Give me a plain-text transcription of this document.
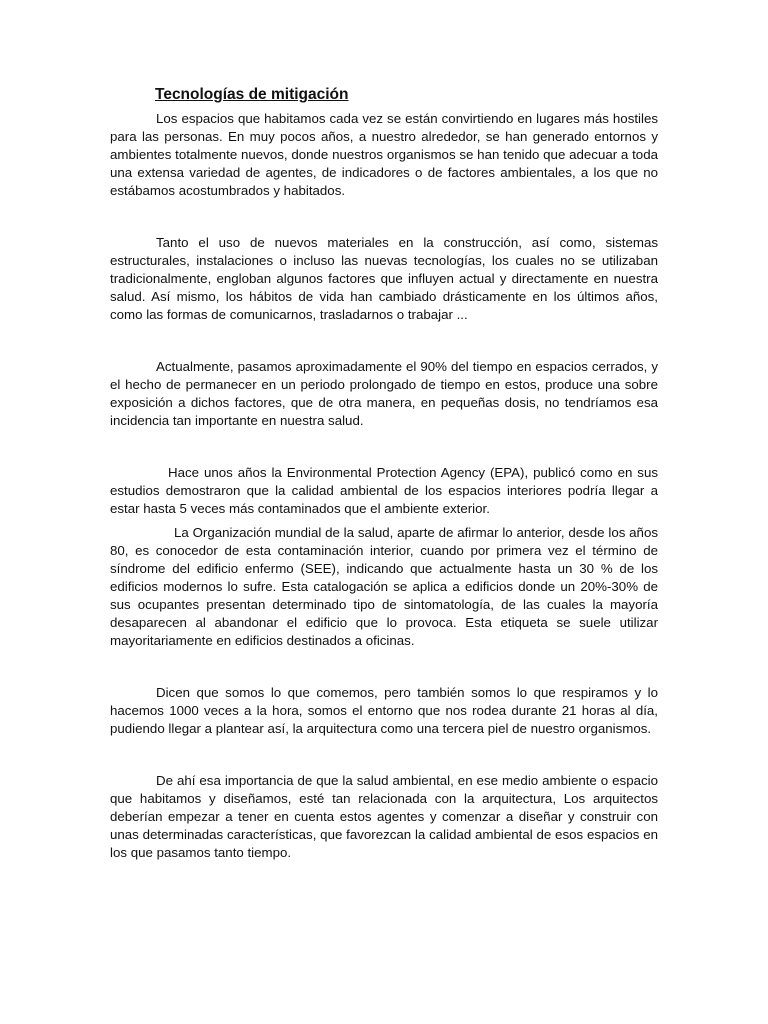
Tecnologías de mitigación

Los espacios que habitamos cada vez se están convirtiendo en lugares más hostiles para las personas. En muy pocos años, a nuestro alrededor, se han generado entornos y ambientes totalmente nuevos, donde nuestros organismos se han tenido que adecuar a toda una extensa variedad de agentes, de indicadores o de factores ambientales, a los que no estábamos acostumbrados y habitados.

Tanto el uso de nuevos materiales en la construcción, así como, sistemas estructurales, instalaciones o incluso las nuevas tecnologías, los cuales no se utilizaban tradicionalmente, engloban algunos factores que influyen actual y directamente en nuestra salud. Así mismo, los hábitos de vida han cambiado drásticamente en los últimos años, como las formas de comunicarnos, trasladarnos o trabajar ...

Actualmente, pasamos aproximadamente el 90% del tiempo en espacios cerrados, y el hecho de permanecer en un periodo prolongado de tiempo en estos, produce una sobre exposición a dichos factores, que de otra manera, en pequeñas dosis, no tendríamos esa incidencia tan importante en nuestra salud.

Hace unos años la Environmental Protection Agency (EPA), publicó como en sus estudios demostraron que la calidad ambiental de los espacios interiores podría llegar a estar hasta 5 veces más contaminados que el ambiente exterior.

La Organización mundial de la salud, aparte de afirmar lo anterior, desde los años 80, es conocedor de esta contaminación interior, cuando por primera vez el término de síndrome del edificio enfermo (SEE), indicando que actualmente hasta un 30 % de los edificios modernos lo sufre. Esta catalogación se aplica a edificios donde un 20%-30% de sus ocupantes presentan determinado tipo de sintomatología, de las cuales la mayoría desaparecen al abandonar el edificio que lo provoca. Esta etiqueta se suele utilizar mayoritariamente en edificios destinados a oficinas.

Dicen que somos lo que comemos, pero también somos lo que respiramos y lo hacemos 1000 veces a la hora, somos el entorno que nos rodea durante 21 horas al día, pudiendo llegar a plantear así, la arquitectura como una tercera piel de nuestro organismos.

De ahí esa importancia de que la salud ambiental, en ese medio ambiente o espacio que habitamos y diseñamos, esté tan relacionada con la arquitectura, Los arquitectos deberían empezar a tener en cuenta estos agentes y comenzar a diseñar y construir con unas determinadas características, que favorezcan la calidad ambiental de esos espacios en los que pasamos tanto tiempo.
